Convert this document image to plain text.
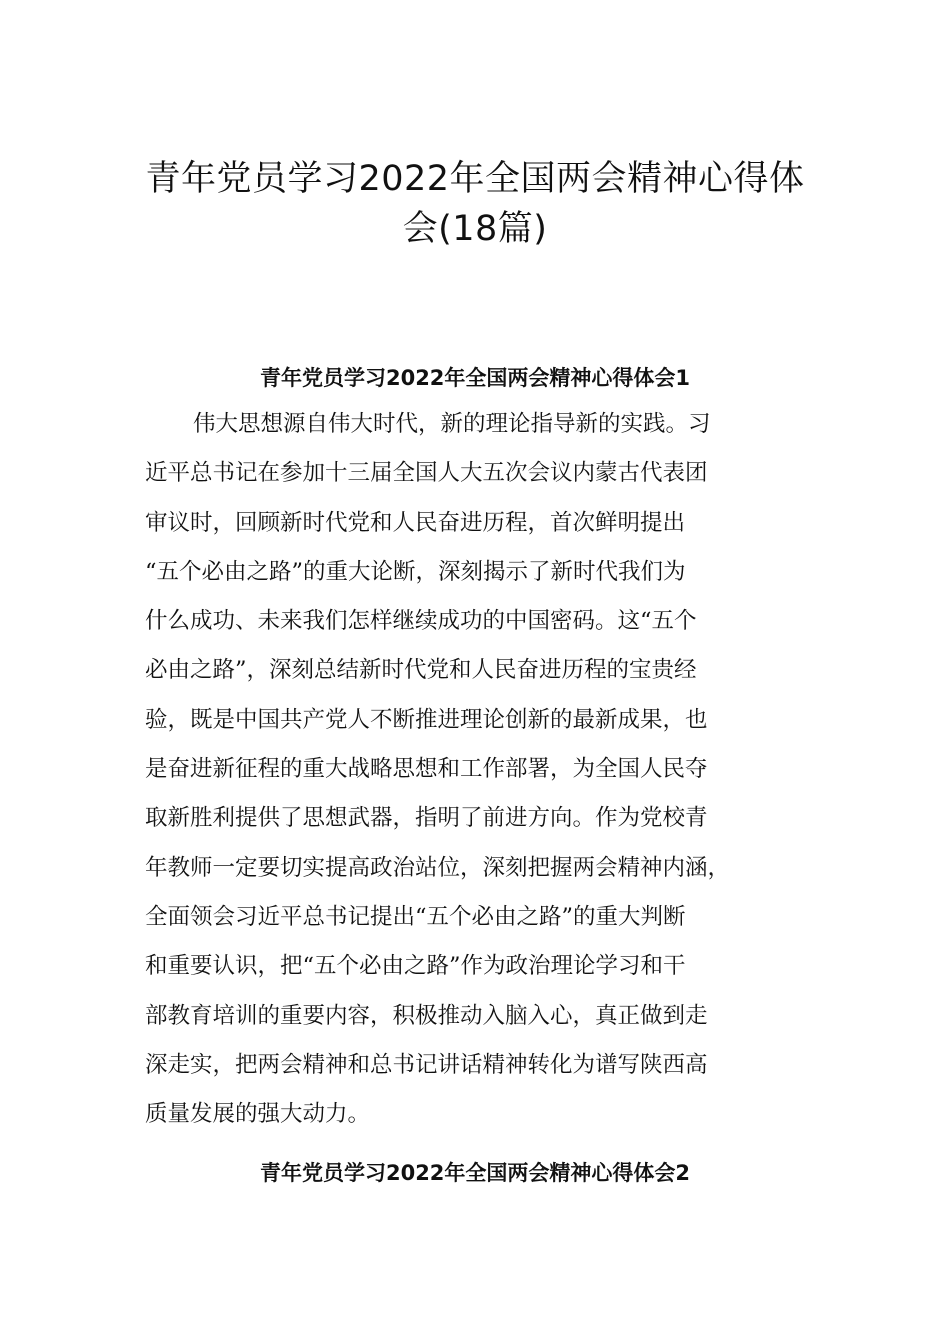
青年党员学习2022年全国两会精神心得体
会(18篇)
青年党员学习2022年全国两会精神心得体会1
伟大思想源自伟大时代，新的理论指导新的实践。习
近平总书记在参加十三届全国人大五次会议内蒙古代表团
审议时，回顾新时代党和人民奋进历程，首次鲜明提出
“五个必由之路”的重大论断，深刻揭示了新时代我们为
什么成功、未来我们怎样继续成功的中国密码。这“五个
必由之路”，深刻总结新时代党和人民奋进历程的宝贵经
验，既是中国共产党人不断推进理论创新的最新成果，也
是奋进新征程的重大战略思想和工作部署，为全国人民夺
取新胜利提供了思想武器，指明了前进方向。作为党校青
年教师一定要切实提高政治站位，深刻把握两会精神内涵，
全面领会习近平总书记提出“五个必由之路”的重大判断
和重要认识，把“五个必由之路”作为政治理论学习和干
部教育培训的重要内容，积极推动入脑入心，真正做到走
深走实，把两会精神和总书记讲话精神转化为谱写陕西高
质量发展的强大动力。
青年党员学习2022年全国两会精神心得体会2
